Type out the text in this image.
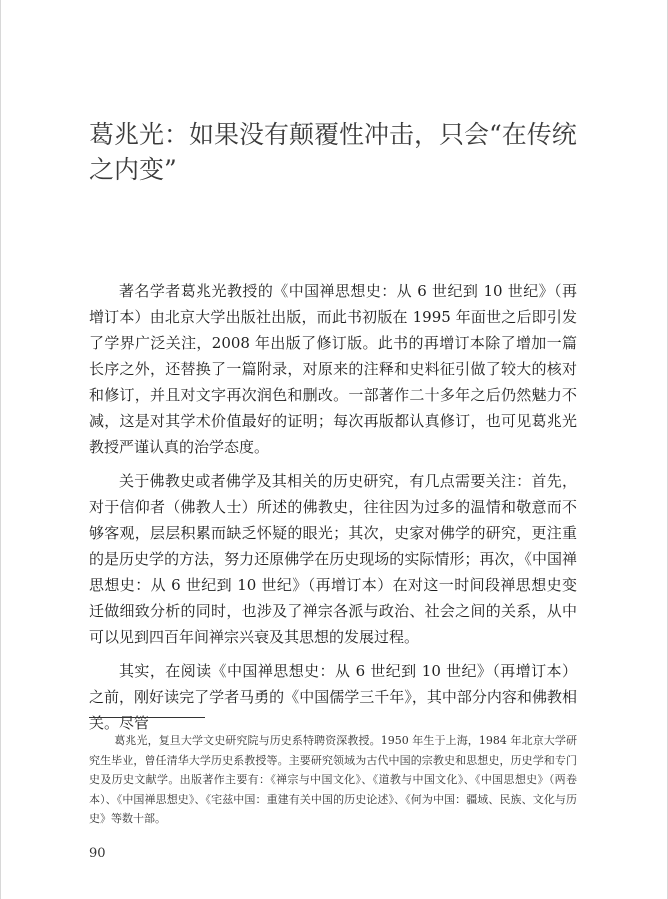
葛兆光：如果没有颠覆性冲击，只会“在传统之内变”

著名学者葛兆光教授的《中国禅思想史：从 6 世纪到 10 世纪》（再增订本）由北京大学出版社出版，而此书初版在 1995 年面世之后即引发了学界广泛关注，2008 年出版了修订版。此书的再增订本除了增加一篇长序之外，还替换了一篇附录，对原来的注释和史料征引做了较大的核对和修订，并且对文字再次润色和删改。一部著作二十多年之后仍然魅力不减，这是对其学术价值最好的证明；每次再版都认真修订，也可见葛兆光教授严谨认真的治学态度。

关于佛教史或者佛学及其相关的历史研究，有几点需要关注：首先，对于信仰者（佛教人士）所述的佛教史，往往因为过多的温情和敬意而不够客观，层层积累而缺乏怀疑的眼光；其次，史家对佛学的研究，更注重的是历史学的方法，努力还原佛学在历史现场的实际情形；再次，《中国禅思想史：从 6 世纪到 10 世纪》（再增订本）在对这一时间段禅思想史变迁做细致分析的同时，也涉及了禅宗各派与政治、社会之间的关系，从中可以见到四百年间禅宗兴衰及其思想的发展过程。

其实，在阅读《中国禅思想史：从 6 世纪到 10 世纪》（再增订本）之前，刚好读完了学者马勇的《中国儒学三千年》，其中部分内容和佛教相关。尽管

葛兆光，复旦大学文史研究院与历史系特聘资深教授。1950 年生于上海，1984 年北京大学研究生毕业，曾任清华大学历史系教授等。主要研究领域为古代中国的宗教史和思想史，历史学和专门史及历史文献学。出版著作主要有：《禅宗与中国文化》、《道教与中国文化》、《中国思想史》（两卷本）、《中国禅思想史》、《宅兹中国：重建有关中国的历史论述》、《何为中国：疆域、民族、文化与历史》等数十部。

90
